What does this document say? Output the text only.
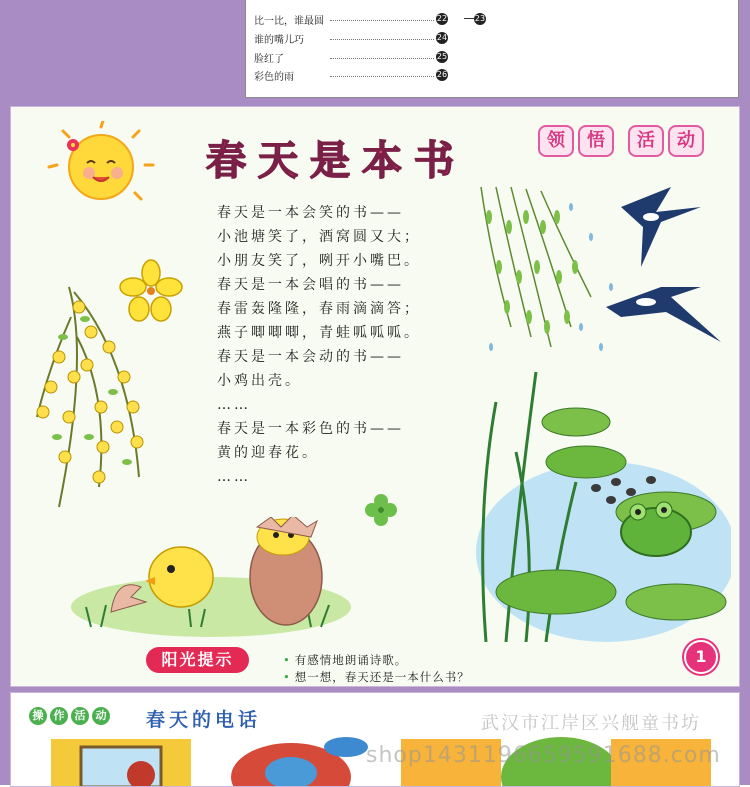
比一比，谁最圆	22	23
谁的嘴儿巧	24
脸红了	25
彩色的雨	26
春天是本书	领	悟	活	动
春天是一本会笑的书——
小池塘笑了，酒窝圆又大；
小朋友笑了，咧开小嘴巴。
春天是一本会唱的书——
春雷轰隆隆，春雨滴滴答；
燕子唧唧唧，青蛙呱呱呱。
春天是一本会动的书——
小鸡出壳。
……
春天是一本彩色的书——
黄的迎春花。
……
阳光提示	• 有感情地朗诵诗歌。
• 想一想，春天还是一本什么书？
1
操 作 活 动 春天的电话	武汉市江岸区兴舰童书坊
shop1431196659591688.com
